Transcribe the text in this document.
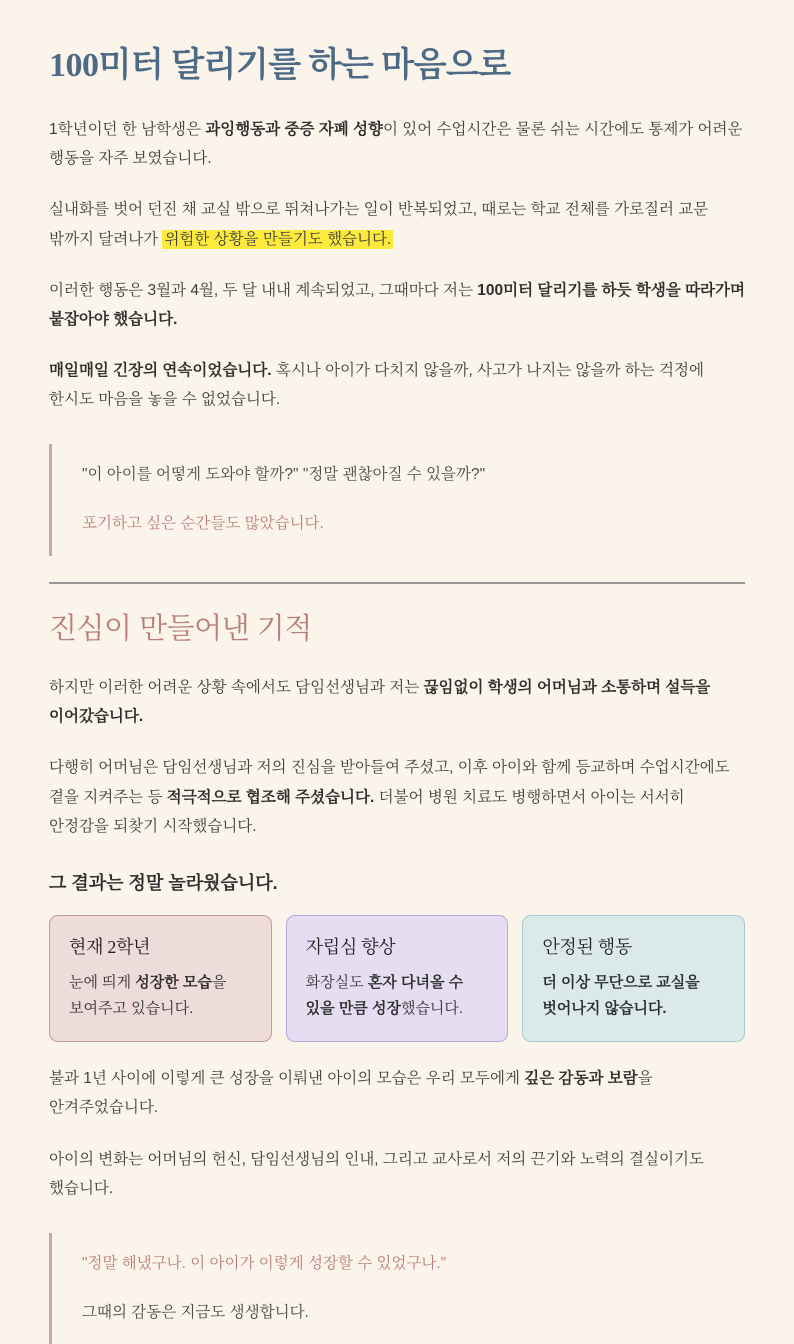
100미터 달리기를 하는 마음으로

1학년이던 한 남학생은 과잉행동과 중증 자폐 성향이 있어 수업시간은 물론 쉬는 시간에도 통제가 어려운 행동을 자주 보였습니다.

실내화를 벗어 던진 채 교실 밖으로 뛰쳐나가는 일이 반복되었고, 때로는 학교 전체를 가로질러 교문 밖까지 달려나가 위험한 상황을 만들기도 했습니다.

이러한 행동은 3월과 4월, 두 달 내내 계속되었고, 그때마다 저는 100미터 달리기를 하듯 학생을 따라가며 붙잡아야 했습니다.

매일매일 긴장의 연속이었습니다. 혹시나 아이가 다치지 않을까, 사고가 나지는 않을까 하는 걱정에 한시도 마음을 놓을 수 없었습니다.

"이 아이를 어떻게 도와야 할까?" "정말 괜찮아질 수 있을까?"

포기하고 싶은 순간들도 많았습니다.

진심이 만들어낸 기적

하지만 이러한 어려운 상황 속에서도 담임선생님과 저는 끊임없이 학생의 어머님과 소통하며 설득을 이어갔습니다.

다행히 어머님은 담임선생님과 저의 진심을 받아들여 주셨고, 이후 아이와 함께 등교하며 수업시간에도 곁을 지켜주는 등 적극적으로 협조해 주셨습니다. 더불어 병원 치료도 병행하면서 아이는 서서히 안정감을 되찾기 시작했습니다.

그 결과는 정말 놀라웠습니다.

현재 2학년

눈에 띄게 성장한 모습을 보여주고 있습니다.

자립심 향상

화장실도 혼자 다녀올 수 있을 만큼 성장했습니다.

안정된 행동

더 이상 무단으로 교실을 벗어나지 않습니다.

불과 1년 사이에 이렇게 큰 성장을 이뤄낸 아이의 모습은 우리 모두에게 깊은 감동과 보람을 안겨주었습니다.

아이의 변화는 어머님의 헌신, 담임선생님의 인내, 그리고 교사로서 저의 끈기와 노력의 결실이기도 했습니다.

"정말 해냈구나. 이 아이가 이렇게 성장할 수 있었구나."

그때의 감동은 지금도 생생합니다.
